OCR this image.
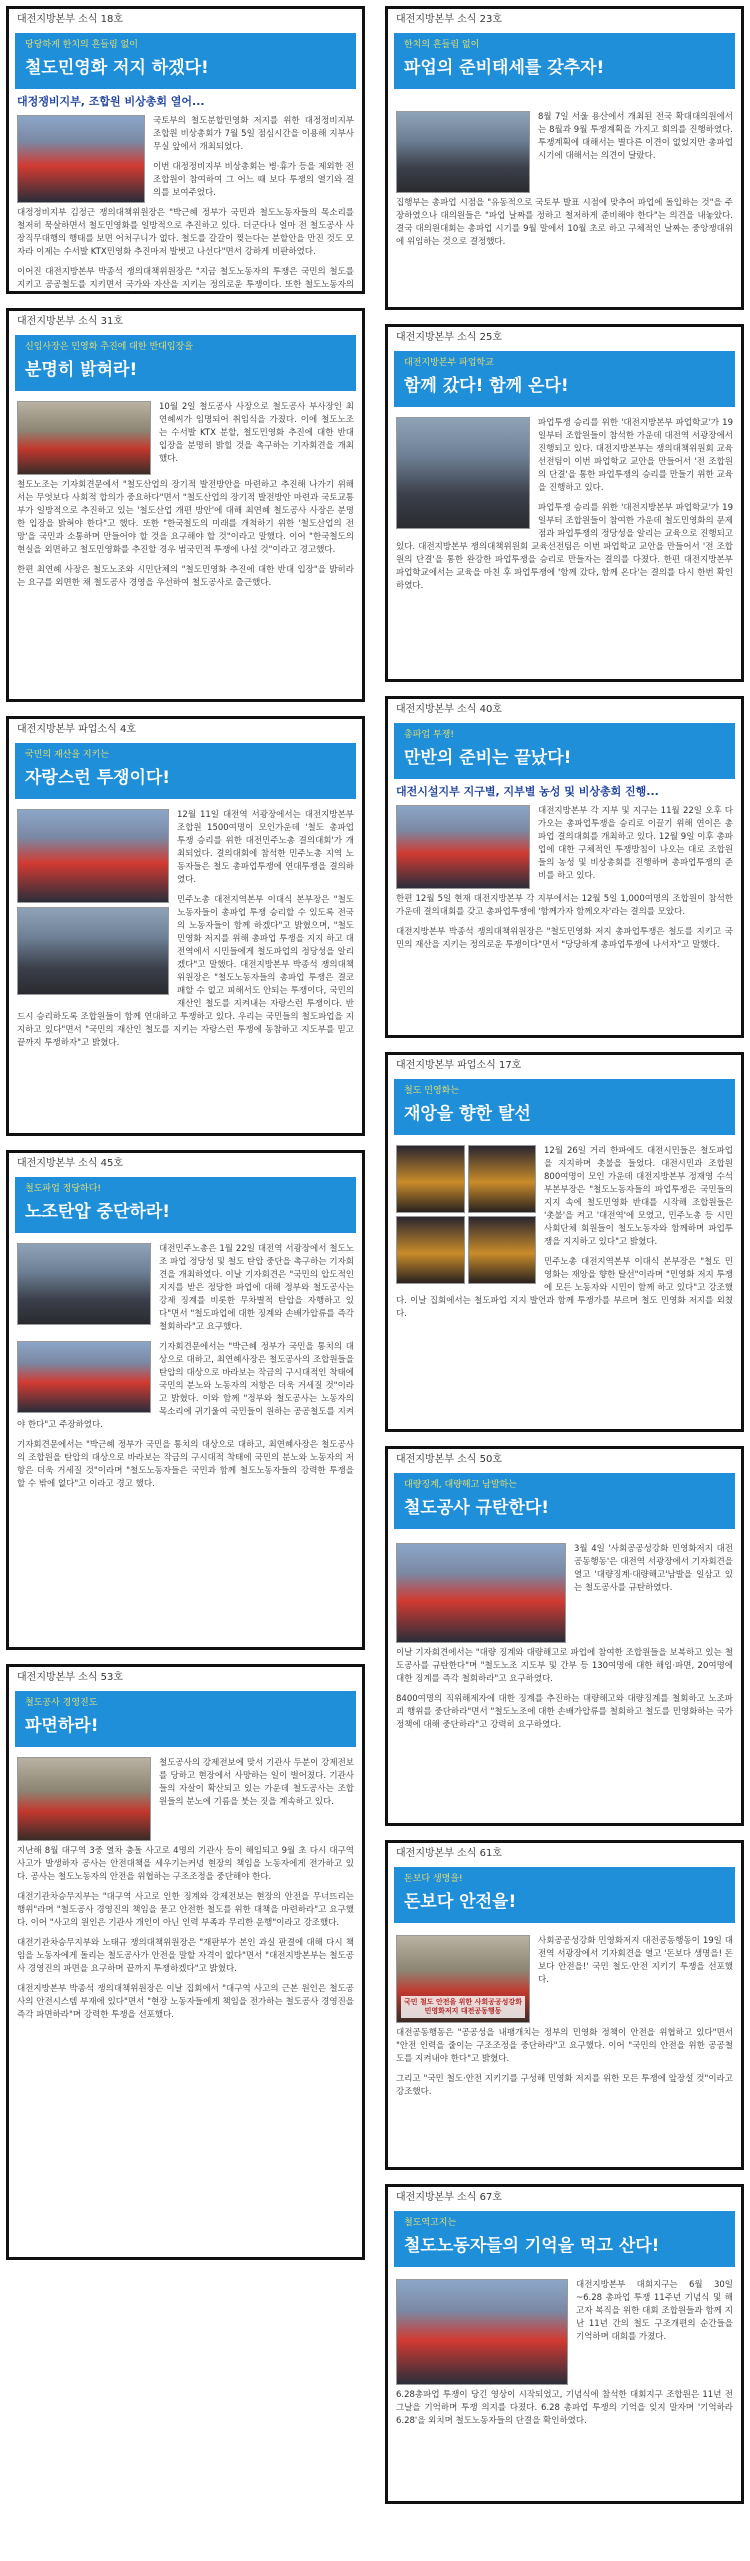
대전지방본부 소식 18호
당당하게 한치의 흔들림 없이
철도민영화 저지 하겠다!
대정쟁비지부, 조합원 비상총회 열어...

국토부의 철도분할민영화 저지를 위한 대정정비지부 조합원 비상총회가 7월 5일 점심시간을 이용해 지부사무실 앞에서 개최되었다.

이번 대정정비지부 비상총회는 병·휴가 등을 제외한 전 조합원이 참여하여 그 어느 때 보다 투쟁의 열기와 결의를 보여주었다.

대정정비지부 김정근 쟁의대책위원장은 "박근혜 정부가 국민과 철도노동자들의 목소리를 철저히 묵살하면서 철도민영화를 일방적으로 추진하고 있다. 더군다나 얼마 전 철도공사 사장직무대행의 행태를 보면 어처구니가 없다. 철도를 갈갈이 찢는다는 분할안을 만진 것도 모자라 이제는 수서발 KTX민영화 추진마저 발벗고 나선다"면서 강하게 비판하였다.

이어진 대전지방본부 박종석 쟁의대책위원장은 "지금 철도노동자의 투쟁은 국민의 철도를 지키고 공공철도를 지키면서 국가와 자산을 지키는 정의로운 투쟁이다. 또한 철도노동자의

대전지방본부 소식 31호
신임사장은 민영화 추진에 대한 반대입장을
분명히 밝혀라!

10월 2일 철도공사 사장으로 철도공사 부사장인 최연혜씨가 임명되어 취임식을 가졌다. 이에 철도노조는 수서발 KTX 분할, 철도민영화 추진에 대한 반대 입장을 분명히 밝힐 것을 촉구하는 기자회견을 개최했다.

철도노조는 기자회견문에서 "철도산업의 장기적 발전방안을 마련하고 추진해 나가기 위해서는 무엇보다 사회적 합의가 중요하다"면서 "철도산업의 장기적 발전방안 마련과 국토교통부가 일방적으로 추진하고 있는 '철도산업 개편 방안'에 대해 최연혜 철도공사 사장은 분명한 입장을 밝혀야 한다"고 했다. 또한 "한국철도의 미래를 개척하기 위한 '철도산업의 전망'을 국민과 소통하며 만들어야 할 것을 요구해야 할 것"이라고 말했다. 이어 "한국철도의 현실을 외면하고 철도민영화를 추진할 경우 범국민적 투쟁에 나설 것"이라고 경고했다.

한편 최연혜 사장은 철도노조와 시민단체의 "철도민영화 추진에 대한 반대 입장"을 밝히라는 요구를 외면한 채 철도공사 경영을 우선하여 철도공사로 출근했다.

대전지방본부 파업소식 4호
국민의 재산을 지키는
자랑스런 투쟁이다!

12월 11일 대전역 서광장에서는 대전지방본부 조합원 1500여명이 모인가운데 '철도 총파업 투쟁 승리를 위한 대전민주노총 결의대회'가 개최되었다. 결의대회에 참석한 민주노총 지역 노동자들은 철도 총파업투쟁에 연대투쟁을 결의하였다.

민주노총 대전지역본부 이대식 본부장은 "철도노동자들이 총파업 투쟁 승리할 수 있도록 전국의 노동자들이 함께 하겠다"고 밝혔으며, "철도 민영화 저지를 위해 총파업 투쟁을 지지 하고 대전역에서 시민들에게 철도파업의 정당성을 알리겠다"고 말했다. 대전지방본부 박종석 쟁의대책위원장은 "철도노동자들의 총파업 투쟁은 결코 패할 수 없고 피해서도 안되는 투쟁이다, 국민의 재산인 철도를 지켜내는 자랑스런 투쟁이다. 반드시 승리하도록 조합원들이 함께 연대하고 투쟁하고 있다. 우리는 국민들의 철도파업을 지지하고 있다"면서 "국민의 재산인 철도를 지키는 자랑스런 투쟁에 동참하고 지도부를 믿고 끝까지 투쟁하자"고 밝혔다.

대전지방본부 소식 45호
철도파업 정당하다!
노조탄압 중단하라!

대전민주노총은 1월 22일 대전역 서광장에서 철도노조 파업 정당성 및 철도 탄압 중단을 촉구하는 기자회견을 개최하였다. 이날 기자회견은 "국민의 압도적인 지지를 받은 정당한 파업에 대해 정부와 철도공사는 강제 징계를 비롯한 무차별적 탄압을 자행하고 있다"면서 "철도파업에 대한 징계와 손배가압류를 즉각 철회하라"고 요구했다.

기자회견문에서는 "박근혜 정부가 국민을 통치의 대상으로 대하고, 최연혜사장은 철도공사의 조합원들을 탄압의 대상으로 바라보는 작금의 구시대적인 착태에 국민의 분노와 노동자의 저항은 더욱 거세질 것"이라고 밝혔다. 이와 함께 "정부와 철도공사는 노동자의 목소리에 귀기울여 국민들이 원하는 공공철도를 지켜야 한다"고 주장하였다.

기자회견문에서는 "박근혜 정부가 국민을 통치의 대상으로 대하고, 최연혜사장은 철도공사의 조합원을 탄압의 대상으로 바라보는 작금의 구시대적 착태에 국민의 분노와 노동자의 저항은 더욱 거세질 것"이라며 "철도노동자들은 국민과 함께 철도노동자들의 강력한 투쟁을 할 수 밖에 없다"고 이라고 경고 했다.

대전지방본부 소식 53호
철도공사 경영진도
파면하라!

철도공사의 강제전보에 맞서 기관사 두분이 강제전보를 당하고 현장에서 사망하는 일이 벌어졌다. 기관사들의 자살이 확산되고 있는 가운데 철도공사는 조합원들의 분노에 기름을 붓는 짓을 계속하고 있다.

지난해 8월 대구역 3중 열차 충돌 사고로 4명의 기관사 등이 해임되고 9월 초 다시 대구역 사고가 발생하자 공사는 안전대책을 세우기는커녕 현장의 책임을 노동자에게 전가하고 있다. 공사는 철도노동자의 안전을 위협하는 구조조정을 중단해야 한다.

대전기관차승무지부는 "대구역 사고로 인한 징계와 강제전보는 현장의 안전을 무너뜨리는 행위"라며 "철도공사 경영진의 책임을 묻고 안전한 철도를 위한 대책을 마련하라"고 요구했다. 이어 "사고의 원인은 기관사 개인이 아닌 인력 부족과 무리한 운행"이라고 강조했다.

대전기관차승무지부와 노태규 쟁의대책위원장은 "재판부가 본인 과실 판결에 대해 다시 책임을 노동자에게 돌리는 철도공사가 안전을 말할 자격이 없다"면서 "대전지방본부는 철도공사 경영진의 파면을 요구하며 끝까지 투쟁하겠다"고 밝혔다.

대전지방본부 박종석 쟁의대책위원장은 이날 집회에서 "대구역 사고의 근본 원인은 철도공사의 안전시스템 부재에 있다"면서 "현장 노동자들에게 책임을 전가하는 철도공사 경영진을 즉각 파면하라"며 강력한 투쟁을 선포했다.

대전지방본부 소식 23호
한치의 흔들림 없이
파업의 준비태세를 갖추자!

8월 7일 서울 용산에서 개최된 전국 확대대의원에서는 8월과 9월 투쟁계획을 가지고 회의를 진행하였다. 투쟁계획에 대해서는 별다른 이견이 없었지만 총파업 시기에 대해서는 의견이 달랐다.

집행부는 총파업 시점을 "유동적으로 국토부 발표 시점에 맞추어 파업에 돌입하는 것"을 주장하였으나 대의원들은 "파업 날짜를 정하고 철저하게 준비해야 한다"는 의견을 내놓았다. 결국 대의원대회는 총파업 시기를 9월 말에서 10월 초로 하고 구체적인 날짜는 중앙쟁대위에 위임하는 것으로 결정했다.

대전지방본부 소식 25호
대전지방본부 파업학교
함께 갔다! 함께 온다!

파업투쟁 승리를 위한 '대전지방본부 파업학교'가 19일부터 조합원들이 참석한 가운데 대전역 서광장에서 진행되고 있다. 대전지방본부는 쟁의대책위원회 교육선전팀이 이번 파업학교 교안을 만들어서 '전 조합원의 단결'을 통한 파업투쟁의 승리를 만들기 위한 교육을 진행하고 있다.

파업투쟁 승리를 위한 '대전지방본부 파업학교'가 19일부터 조합원들이 참여한 가운데 철도민영화의 문제점과 파업투쟁의 정당성을 알리는 교육으로 진행되고 있다. 대전지방본부 쟁의대책위원회 교육선전팀은 이번 파업학교 교안을 만들어서 '전 조합원의 단결'을 통한 완강한 파업투쟁을 승리로 만들자는 결의를 다졌다. 한편 대전지방본부 파업학교에서는 교육을 마친 후 파업투쟁에 '함께 갔다, 함께 온다'는 결의를 다시 한번 확인하였다.

대전지방본부 소식 40호
총파업 투쟁!
만반의 준비는 끝났다!
대전시설지부 지구별, 지부별 농성 및 비상총회 진행...

대전지방본부 각 지부 및 지구는 11월 22일 오후 다가오는 총파업투쟁을 승리로 이끌기 위해 연이은 총파업 결의대회를 개최하고 있다. 12월 9일 이후 총파업에 대한 구체적인 투쟁방침이 나오는 대로 조합원들의 농성 및 비상총회를 진행하며 총파업투쟁의 준비를 하고 있다.

한편 12월 5일 현재 대전지방본부 각 지부에서는 12월 5일 1,000여명의 조합원이 참석한 가운데 결의대회를 갖고 총파업투쟁에 '함께가자 함께오자'라는 결의를 모았다.

대전지방본부 박종석 쟁의대책위원장은 "철도민영화 저지 총파업투쟁은 철도를 지키고 국민의 재산을 지키는 정의로운 투쟁이다"면서 "당당하게 총파업투쟁에 나서자"고 말했다.

대전지방본부 파업소식 17호
철도 민영화는
재앙을 향한 탈선

12월 26일 거리 한파에도 대전시민들은 철도파업을 지지하며 촛불을 들었다. 대전시민과 조합원 800여명이 모인 가운데 대전지방본부 정재영 수석부본부장은 "철도노동자들의 파업투쟁은 국민들의 지지 속에 철도민영화 반대를 시작해 조합원들은 '촛불'을 켜고 '대전역'에 모였고, 민주노총 등 시민사회단체 회원들이 철도노동자와 함께하며 파업투쟁을 지지하고 있다"고 밝혔다.

민주노총 대전지역본부 이대식 본부장은 "철도 민영화는 재앙을 향한 탈선"이라며 "민영화 저지 투쟁에 모든 노동자와 시민이 함께 하고 있다"고 강조했다. 이날 집회에서는 철도파업 지지 발언과 함께 투쟁가를 부르며 철도 민영화 저지를 외쳤다.

대전지방본부 소식 50호
대량징계, 대량해고 남발하는
철도공사 규탄한다!

3월 4일 '사회공공성강화 민영화저지 대전공동행동'은 대전역 서광장에서 기자회견을 열고 '대량징계·대량해고'남발을 일삼고 있는 철도공사를 규탄하였다.

이날 기자회견에서는 "대량 징계와 대량해고로 파업에 참여한 조합원들을 보복하고 있는 철도공사를 규탄한다"며 "철도노조 지도부 및 간부 등 130여명에 대한 해임·파면, 20여명에 대한 징계를 즉각 철회하라"고 요구하였다.

8400여명의 직위해제자에 대한 징계를 추진하는 대량해고와 대량징계를 철회하고 노조파괴 행위를 중단하라"면서 "철도노조에 대한 손배가압류를 철회하고 철도를 민영화하는 국가정책에 대해 중단하라"고 강력히 요구하였다.

대전지방본부 소식 61호
돈보다 생명을!
돈보다 안전을!
국민 철도 안전을 위한 사회공공성강화 민영화저지 대전공동행동

사회공공성강화 민영화저지 대전공동행동이 19일 대전역 서광장에서 기자회견을 열고 '돈보다 생명을! 돈보다 안전을!' 국민 철도·안전 지키기 투쟁을 선포했다.

대전공동행동은 "공공성을 내팽개치는 정부의 민영화 정책이 안전을 위협하고 있다"면서 "안전 인력을 줄이는 구조조정을 중단하라"고 요구했다. 이어 "국민의 안전을 위한 공공철도를 지켜내야 한다"고 밝혔다.

그리고 "국민 철도·안전 지키기를 구성해 민영화 저지를 위한 모든 투쟁에 앞장설 것"이라고 강조했다.

대전지방본부 소식 67호
철도역고지는
철도노동자들의 기억을 먹고 산다!

대전지방본부 대회지구는 6월 30일~6.28 총파업 투쟁 11주년 기념식 및 해고자 복직을 위한 대회 조합원들과 함께 지난 11년 간의 철도 구조개편의 순간들을 기억하며 대회를 가졌다.

6.28총파업 투쟁이 당긴 영상이 시작되었고, 기념식에 참석한 대회지구 조합원은 11년 전 그날을 기억하며 투쟁 의지를 다졌다. 6.28 총파업 투쟁의 기억을 잊지 말자며 '기억하라 6.28'을 외치며 철도노동자들의 단결을 확인하였다.
